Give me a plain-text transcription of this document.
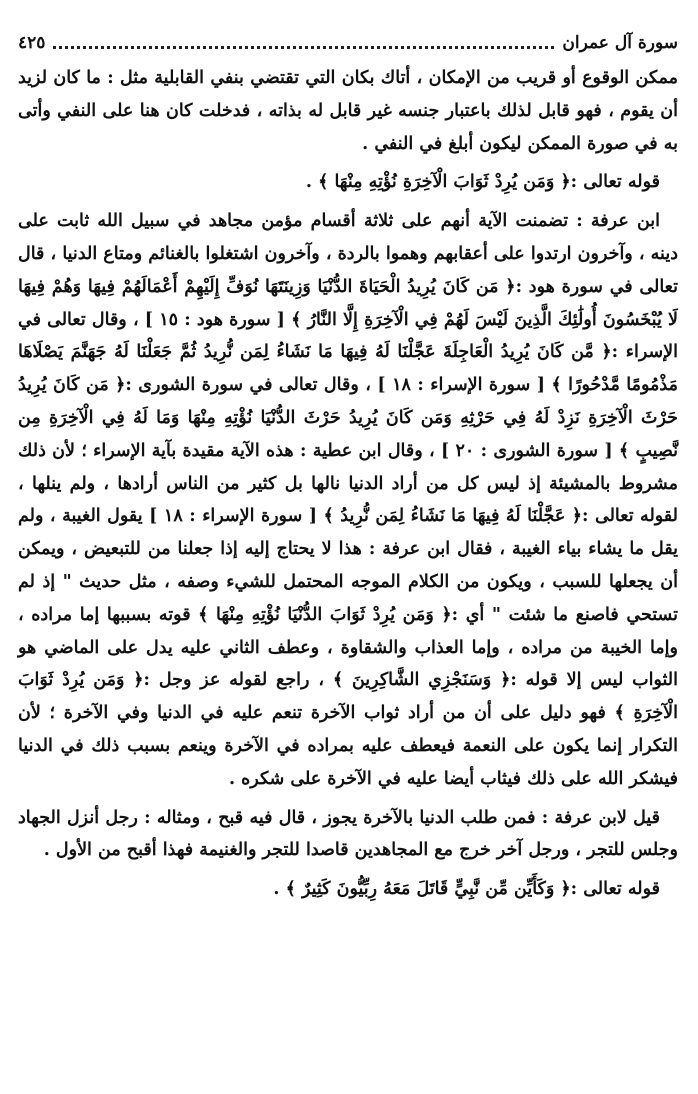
سورة آل عمران
٤٢٥

ممكن الوقوع أو قريب من الإمكان ، أتاك بكان التي تقتضي بنفي القابلية مثل : ما كان لزيد أن يقوم ، فهو قابل لذلك باعتبار جنسه غير قابل له بذاته ، فدخلت كان هنا على النفي وأتى به في صورة الممكن ليكون أبلغ في النفي .

قوله تعالى :﴿ وَمَن يُرِدْ ثَوَابَ الْآخِرَةِ نُؤْتِهِ مِنْهَا ﴾ .

ابن عرفة : تضمنت الآية أنهم على ثلاثة أقسام مؤمن مجاهد في سبيل الله ثابت على دينه ، وآخرون ارتدوا على أعقابهم وهموا بالردة ، وآخرون اشتغلوا بالغنائم ومتاع الدنيا ، قال تعالى في سورة هود :﴿ مَن كَانَ يُرِيدُ الْحَيَاةَ الدُّنْيَا وَزِينَتَهَا نُوَفِّ إِلَيْهِمْ أَعْمَالَهُمْ فِيهَا وَهُمْ فِيهَا لَا يُبْخَسُونَ أُولَٰئِكَ الَّذِينَ لَيْسَ لَهُمْ فِي الْآخِرَةِ إِلَّا النَّارُ ﴾ [ سورة هود : ١٥ ] ، وقال تعالى في الإسراء :﴿ مَّن كَانَ يُرِيدُ الْعَاجِلَةَ عَجَّلْنَا لَهُ فِيهَا مَا نَشَاءُ لِمَن نُّرِيدُ ثُمَّ جَعَلْنَا لَهُ جَهَنَّمَ يَصْلَاهَا مَذْمُومًا مَّدْحُورًا ﴾ [ سورة الإسراء : ١٨ ] ، وقال تعالى في سورة الشورى :﴿ مَن كَانَ يُرِيدُ حَرْثَ الْآخِرَةِ نَزِدْ لَهُ فِي حَرْثِهِ وَمَن كَانَ يُرِيدُ حَرْثَ الدُّنْيَا نُؤْتِهِ مِنْهَا وَمَا لَهُ فِي الْآخِرَةِ مِن نَّصِيبٍ ﴾ [ سورة الشورى : ٢٠ ] ، وقال ابن عطية : هذه الآية مقيدة بآية الإسراء ؛ لأن ذلك مشروط بالمشيئة إذ ليس كل من أراد الدنيا نالها بل كثير من الناس أرادها ، ولم ينلها ، لقوله تعالى :﴿ عَجَّلْنَا لَهُ فِيهَا مَا نَشَاءُ لِمَن نُّرِيدُ ﴾ [ سورة الإسراء : ١٨ ] يقول الغيبة ، ولم يقل ما يشاء بياء الغيبة ، فقال ابن عرفة : هذا لا يحتاج إليه إذا جعلنا من للتبعيض ، ويمكن أن يجعلها للسبب ، ويكون من الكلام الموجه المحتمل للشيء وصفه ، مثل حديث " إذ لم تستحي فاصنع ما شئت " أي :﴿ وَمَن يُرِدْ ثَوَابَ الدُّنْيَا نُؤْتِهِ مِنْهَا ﴾ قوته بسببها إما مراده ، وإما الخيبة من مراده ، وإما العذاب والشقاوة ، وعطف الثاني عليه يدل على الماضي هو الثواب ليس إلا قوله :﴿ وَسَنَجْزِي الشَّاكِرِينَ ﴾ ، راجع لقوله عز وجل :﴿ وَمَن يُرِدْ ثَوَابَ الْآخِرَةِ ﴾ فهو دليل على أن من أراد ثواب الآخرة تنعم عليه في الدنيا وفي الآخرة ؛ لأن التكرار إنما يكون على النعمة فيعطف عليه بمراده في الآخرة وينعم بسبب ذلك في الدنيا فيشكر الله على ذلك فيثاب أيضا عليه في الآخرة على شكره .

قيل لابن عرفة : فمن طلب الدنيا بالآخرة يجوز ، قال فيه قبح ، ومثاله : رجل أنزل الجهاد وجلس للتجر ، ورجل آخر خرج مع المجاهدين قاصدا للتجر والغنيمة فهذا أقبح من الأول .

قوله تعالى :﴿ وَكَأَيِّن مِّن نَّبِيٍّ قَاتَلَ مَعَهُ رِبِّيُّونَ كَثِيرٌ ﴾ .
